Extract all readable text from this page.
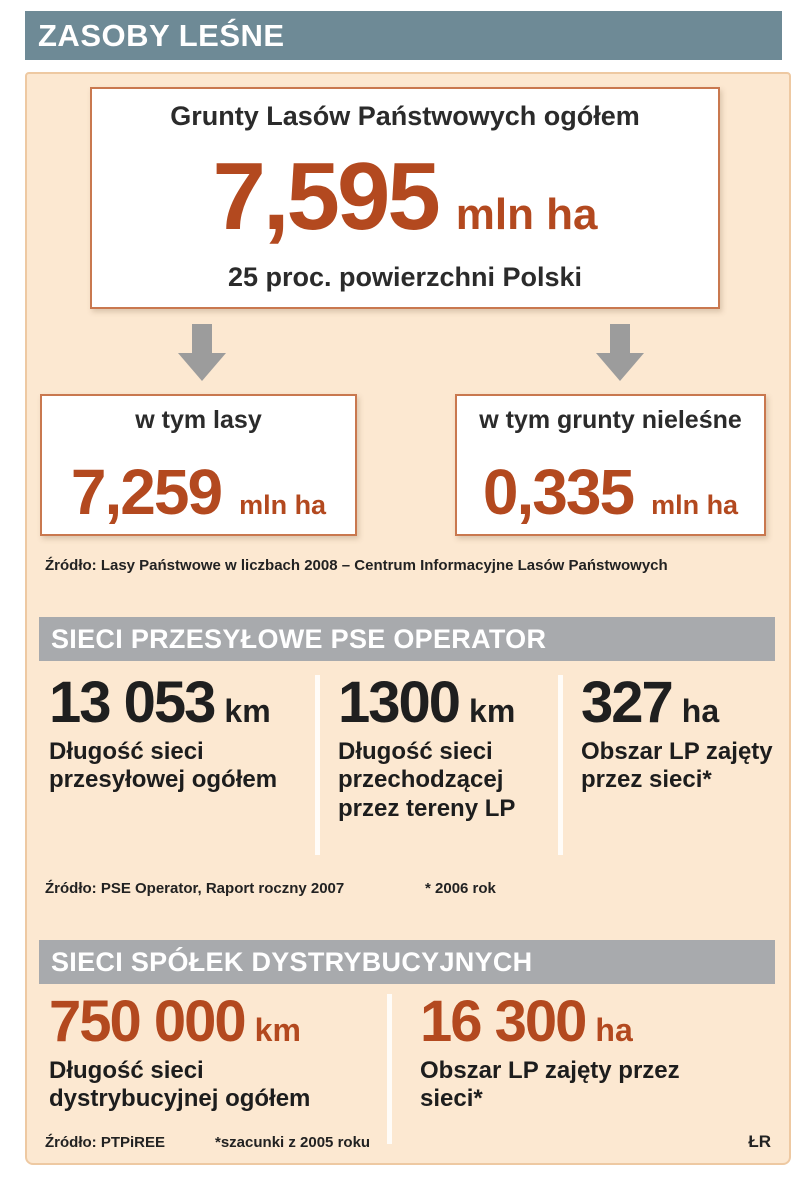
ZASOBY LEŚNE
Grunty Lasów Państwowych ogółem
7,595 mln ha
25 proc. powierzchni Polski
w tym lasy
7,259 mln ha
w tym grunty nieleśne
0,335 mln ha
Źródło: Lasy Państwowe w liczbach 2008 – Centrum Informacyjne Lasów Państwowych
SIECI PRZESYŁOWE PSE OPERATOR
13 053 km
Długość sieci przesyłowej ogółem
1300 km
Długość sieci przechodzącej przez tereny LP
327 ha
Obszar LP zajęty przez sieci*
Źródło: PSE Operator, Raport roczny 2007	* 2006 rok
SIECI SPÓŁEK DYSTRYBUCYJNYCH
750 000 km
Długość sieci dystrybucyjnej ogółem
16 300 ha
Obszar LP zajęty przez sieci*
Źródło: PTPiREE	*szacunki z 2005 roku	ŁR
